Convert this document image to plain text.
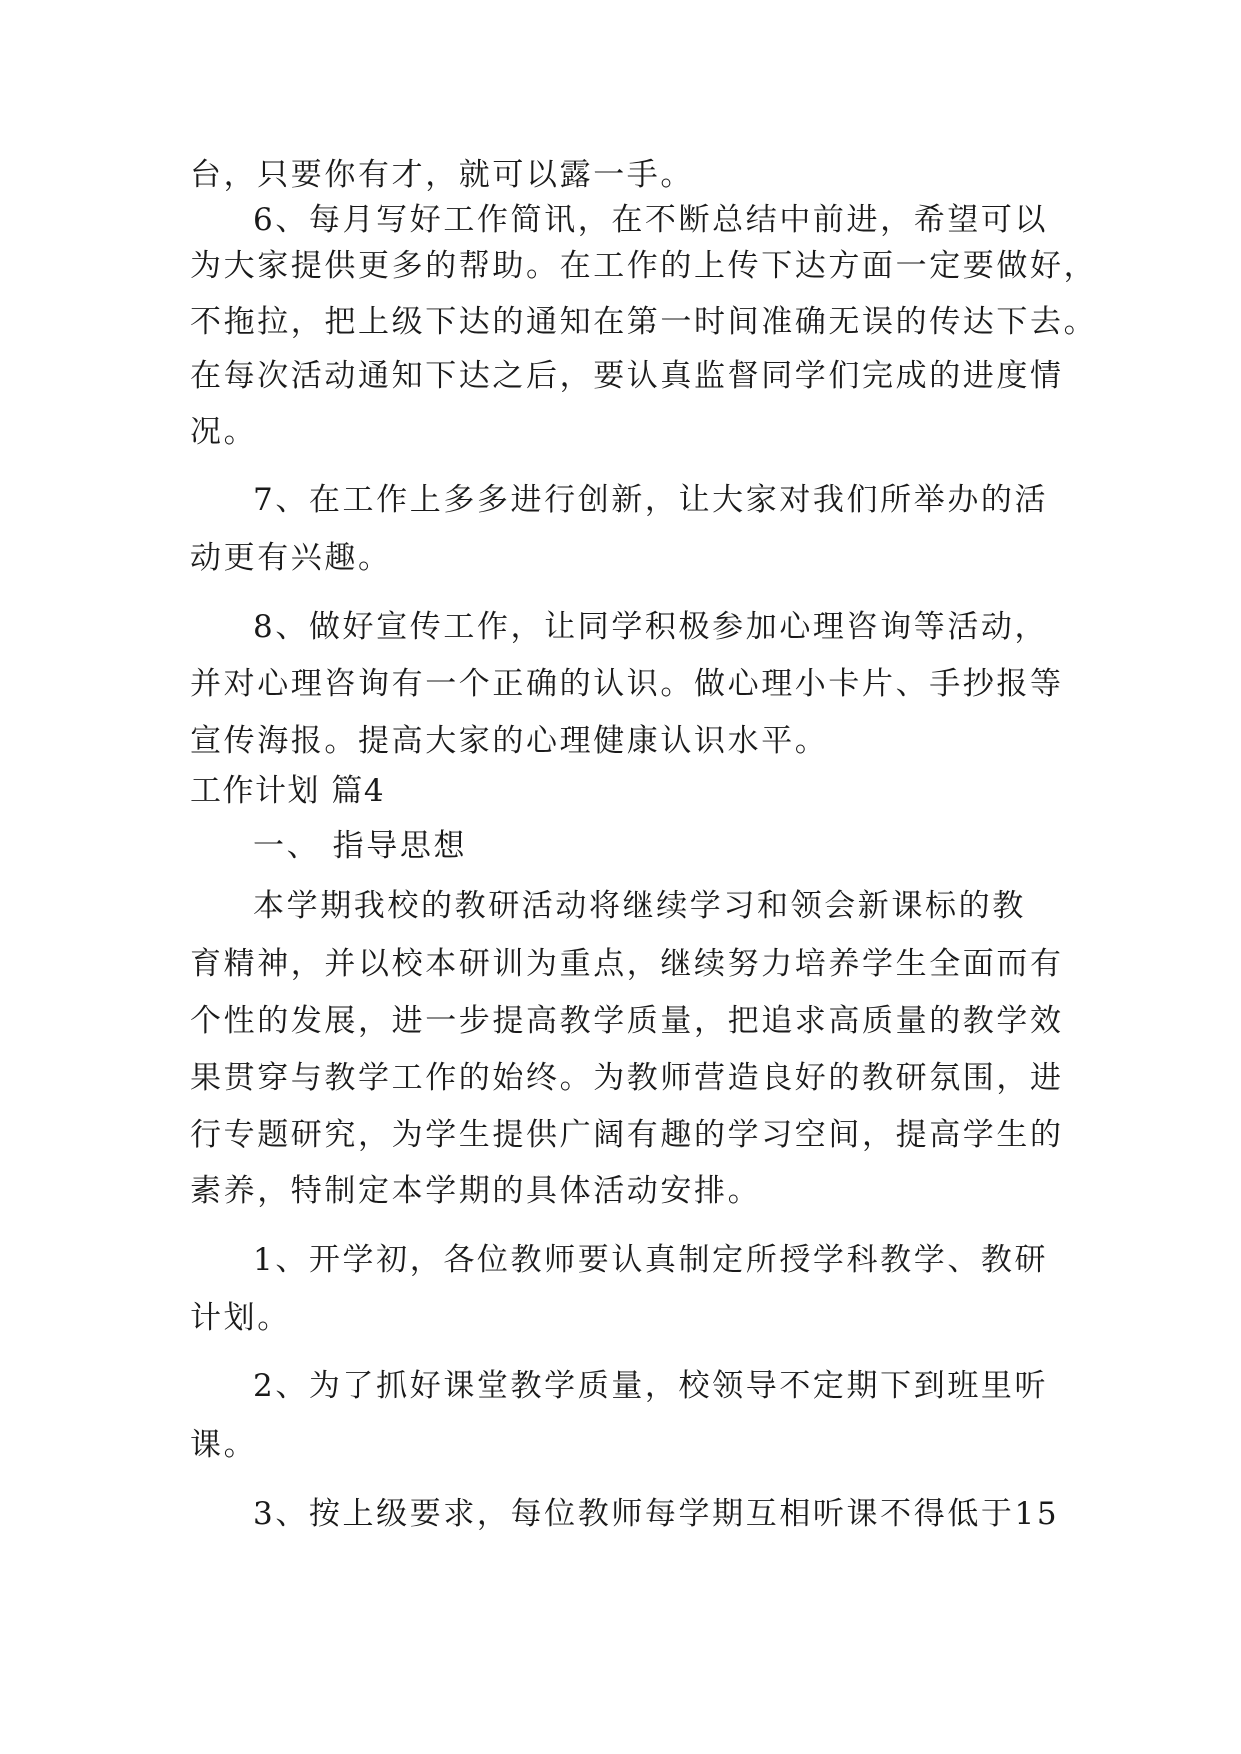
台，只要你有才，就可以露一手。
6、每月写好工作简讯，在不断总结中前进，希望可以
为大家提供更多的帮助。在工作的上传下达方面一定要做好，
不拖拉，把上级下达的通知在第一时间准确无误的传达下去。
在每次活动通知下达之后，要认真监督同学们完成的进度情
况。
7、在工作上多多进行创新，让大家对我们所举办的活
动更有兴趣。
8、做好宣传工作，让同学积极参加心理咨询等活动，
并对心理咨询有一个正确的认识。做心理小卡片、手抄报等
宣传海报。提高大家的心理健康认识水平。
工作计划 篇4
一、 指导思想
本学期我校的教研活动将继续学习和领会新课标的教
育精神，并以校本研训为重点，继续努力培养学生全面而有
个性的发展，进一步提高教学质量，把追求高质量的教学效
果贯穿与教学工作的始终。为教师营造良好的教研氛围，进
行专题研究，为学生提供广阔有趣的学习空间，提高学生的
素养，特制定本学期的具体活动安排。
1、开学初，各位教师要认真制定所授学科教学、教研
计划。
2、为了抓好课堂教学质量，校领导不定期下到班里听
课。
3、按上级要求，每位教师每学期互相听课不得低于15
